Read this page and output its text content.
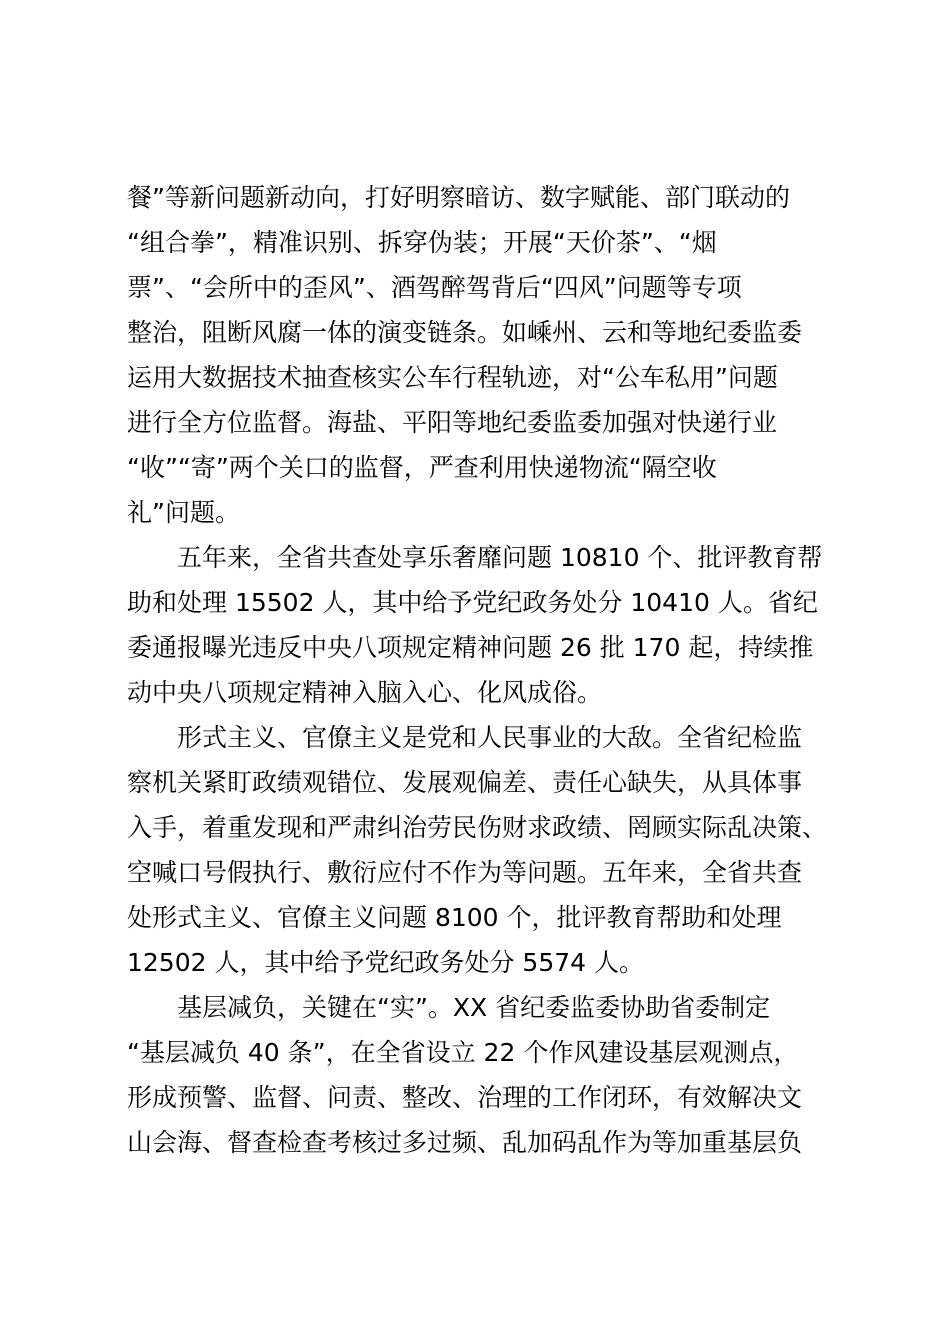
餐”等新问题新动向，打好明察暗访、数字赋能、部门联动的
“组合拳”，精准识别、拆穿伪装；开展“天价茶”、“烟
票”、“会所中的歪风”、酒驾醉驾背后“四风”问题等专项
整治，阻断风腐一体的演变链条。如嵊州、云和等地纪委监委
运用大数据技术抽查核实公车行程轨迹，对“公车私用”问题
进行全方位监督。海盐、平阳等地纪委监委加强对快递行业
“收”“寄”两个关口的监督，严查利用快递物流“隔空收
礼”问题。
五年来，全省共查处享乐奢靡问题 10810 个、批评教育帮
助和处理 15502 人，其中给予党纪政务处分 10410 人。省纪
委通报曝光违反中央八项规定精神问题 26 批 170 起，持续推
动中央八项规定精神入脑入心、化风成俗。
形式主义、官僚主义是党和人民事业的大敌。全省纪检监
察机关紧盯政绩观错位、发展观偏差、责任心缺失，从具体事
入手，着重发现和严肃纠治劳民伤财求政绩、罔顾实际乱决策、
空喊口号假执行、敷衍应付不作为等问题。五年来，全省共查
处形式主义、官僚主义问题 8100 个，批评教育帮助和处理
12502 人，其中给予党纪政务处分 5574 人。
基层减负，关键在“实”。XX 省纪委监委协助省委制定
“基层减负 40 条”，在全省设立 22 个作风建设基层观测点，
形成预警、监督、问责、整改、治理的工作闭环，有效解决文
山会海、督查检查考核过多过频、乱加码乱作为等加重基层负
